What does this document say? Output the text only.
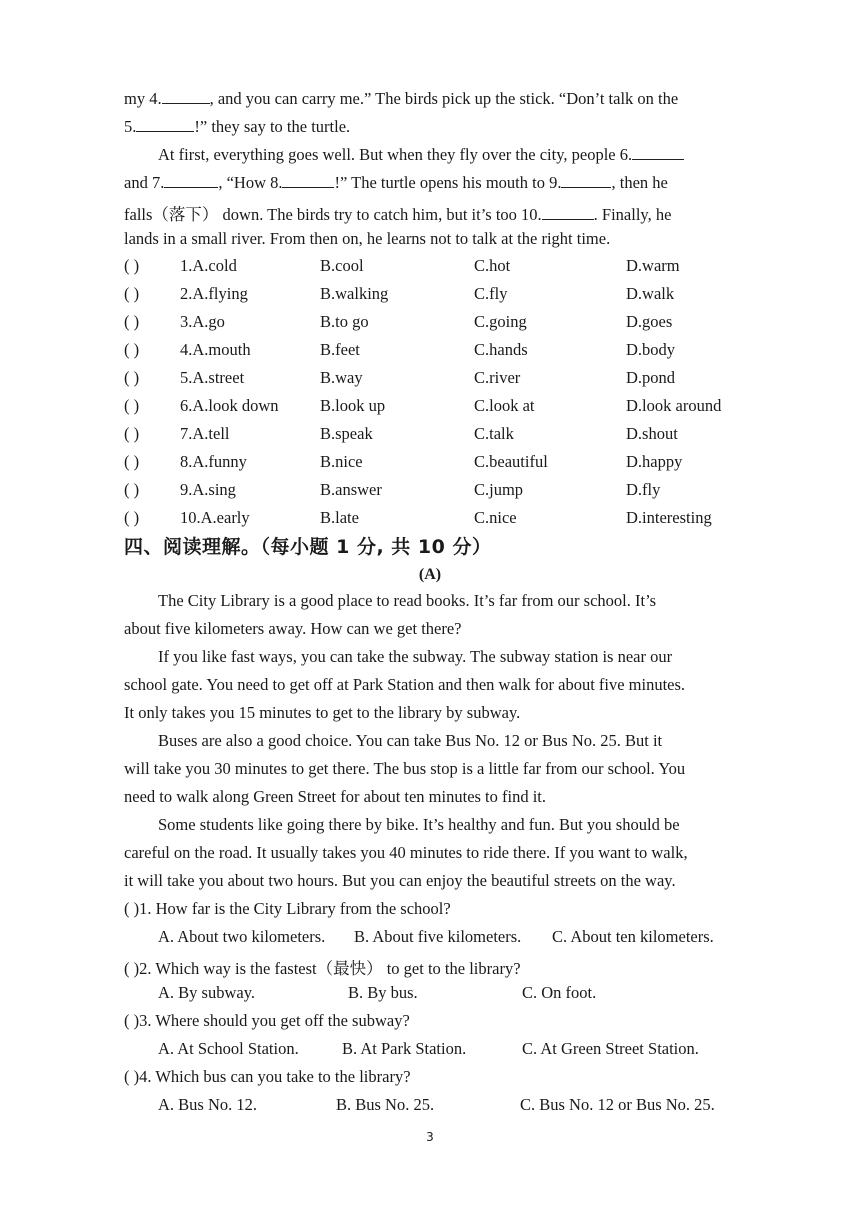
my 4.	, and you can carry me.” The birds pick up the stick. “Don’t talk on the
5.	!” they say to the turtle.
At first, everything goes well. But when they fly over the city, people 6.
and 7.	, “How 8.	!” The turtle opens his mouth to 9.	, then he
falls（落下） down. The birds try to catch him, but it’s too 10.	. Finally, he
lands in a small river. From then on, he learns not to talk at the right time.
( ) 1.A.cold	B.cool	C.hot	D.warm
( ) 2.A.flying	B.walking	C.fly	D.walk
( ) 3.A.go	B.to go	C.going	D.goes
( ) 4.A.mouth	B.feet	C.hands	D.body
( ) 5.A.street	B.way	C.river	D.pond
( ) 6.A.look down	B.look up	C.look at	D.look around
( ) 7.A.tell	B.speak	C.talk	D.shout
( ) 8.A.funny	B.nice	C.beautiful	D.happy
( ) 9.A.sing	B.answer	C.jump	D.fly
( ) 10.A.early	B.late	C.nice	D.interesting
四、阅读理解。（每小题 1 分, 共 10 分）
(A)
The City Library is a good place to read books. It’s far from our school. It’s
about five kilometers away. How can we get there?
If you like fast ways, you can take the subway. The subway station is near our
school gate. You need to get off at Park Station and then walk for about five minutes.
It only takes you 15 minutes to get to the library by subway.
Buses are also a good choice. You can take Bus No. 12 or Bus No. 25. But it
will take you 30 minutes to get there. The bus stop is a little far from our school. You
need to walk along Green Street for about ten minutes to find it.
Some students like going there by bike. It’s healthy and fun. But you should be
careful on the road. It usually takes you 40 minutes to ride there. If you want to walk,
it will take you about two hours. But you can enjoy the beautiful streets on the way.
( )1. How far is the City Library from the school?
A. About two kilometers. B. About five kilometers. C. About ten kilometers.
( )2. Which way is the fastest（最快） to get to the library?
A. By subway.	B. By bus.	C. On foot.
( )3. Where should you get off the subway?
A. At School Station.	B. At Park Station.	C. At Green Street Station.
( )4. Which bus can you take to the library?
A. Bus No. 12.	B. Bus No. 25.	C. Bus No. 12 or Bus No. 25.
3
